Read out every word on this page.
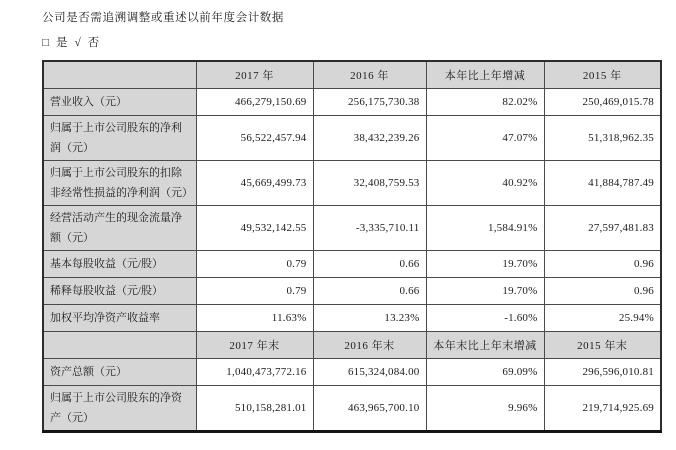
公司是否需追溯调整或重述以前年度会计数据
□ 是 √ 否
	2017 年	2016 年	本年比上年增减	2015 年
营业收入（元）	466,279,150.69	256,175,730.38	82.02%	250,469,015.78
归属于上市公司股东的净利润（元）	56,522,457.94	38,432,239.26	47.07%	51,318,962.35
归属于上市公司股东的扣除非经常性损益的净利润（元）	45,669,499.73	32,408,759.53	40.92%	41,884,787.49
经营活动产生的现金流量净额（元）	49,532,142.55	-3,335,710.11	1,584.91%	27,597,481.83
基本每股收益（元/股）	0.79	0.66	19.70%	0.96
稀释每股收益（元/股）	0.79	0.66	19.70%	0.96
加权平均净资产收益率	11.63%	13.23%	-1.60%	25.94%
	2017 年末	2016 年末	本年末比上年末增减	2015 年末
资产总额（元）	1,040,473,772.16	615,324,084.00	69.09%	296,596,010.81
归属于上市公司股东的净资产（元）	510,158,281.01	463,965,700.10	9.96%	219,714,925.69
